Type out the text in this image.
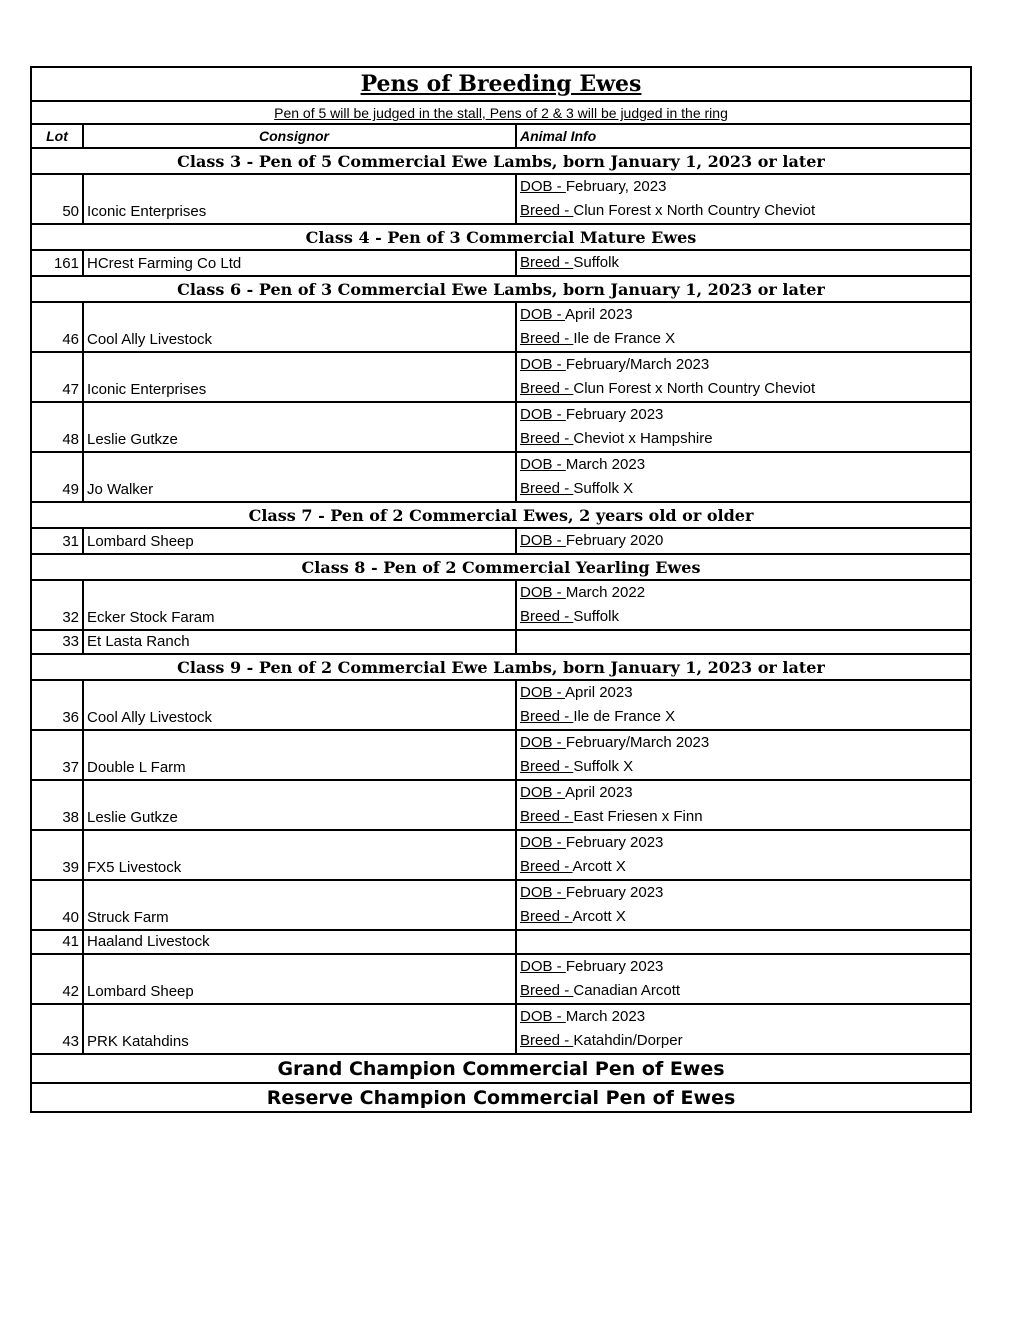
Pens of Breeding Ewes		
Pen of 5 will be judged in the stall, Pens of 2 & 3 will be judged in the ring		
Lot	Consignor	Animal Info
Class 3 - Pen of 5 Commercial Ewe Lambs, born January 1, 2023 or later		
50	Iconic Enterprises	DOB - February, 2023
Breed - Clun Forest x North Country Cheviot

Class 4 - Pen of 3 Commercial Mature Ewes		
161	HCrest Farming Co Ltd	Breed - Suffolk

Class 6 - Pen of 3 Commercial Ewe Lambs, born January 1, 2023 or later		
46	Cool Ally Livestock	DOB - April 2023
Breed - Ile de France X

47	Iconic Enterprises	DOB - February/March 2023
Breed - Clun Forest x North Country Cheviot

48	Leslie Gutkze	DOB - February 2023
Breed - Cheviot x Hampshire

49	Jo Walker	DOB - March 2023
Breed - Suffolk X

Class 7 - Pen of 2 Commercial Ewes, 2 years old or older		
31	Lombard Sheep	DOB - February 2020

Class 8 - Pen of 2 Commercial Yearling Ewes		
32	Ecker Stock Faram	DOB - March 2022
Breed - Suffolk

33	Et Lasta Ranch	
Class 9 - Pen of 2 Commercial Ewe Lambs, born January 1, 2023 or later		
36	Cool Ally Livestock	DOB - April 2023
Breed - Ile de France X

37	Double L Farm	DOB - February/March 2023
Breed - Suffolk X

38	Leslie Gutkze	DOB - April 2023
Breed - East Friesen x Finn

39	FX5 Livestock	DOB - February 2023
Breed - Arcott X

40	Struck Farm	DOB - February 2023
Breed - Arcott X

41	Haaland Livestock	
42	Lombard Sheep	DOB - February 2023
Breed - Canadian Arcott

43	PRK Katahdins	DOB - March 2023
Breed - Katahdin/Dorper

Grand Champion Commercial Pen of Ewes		
Reserve Champion Commercial Pen of Ewes		
